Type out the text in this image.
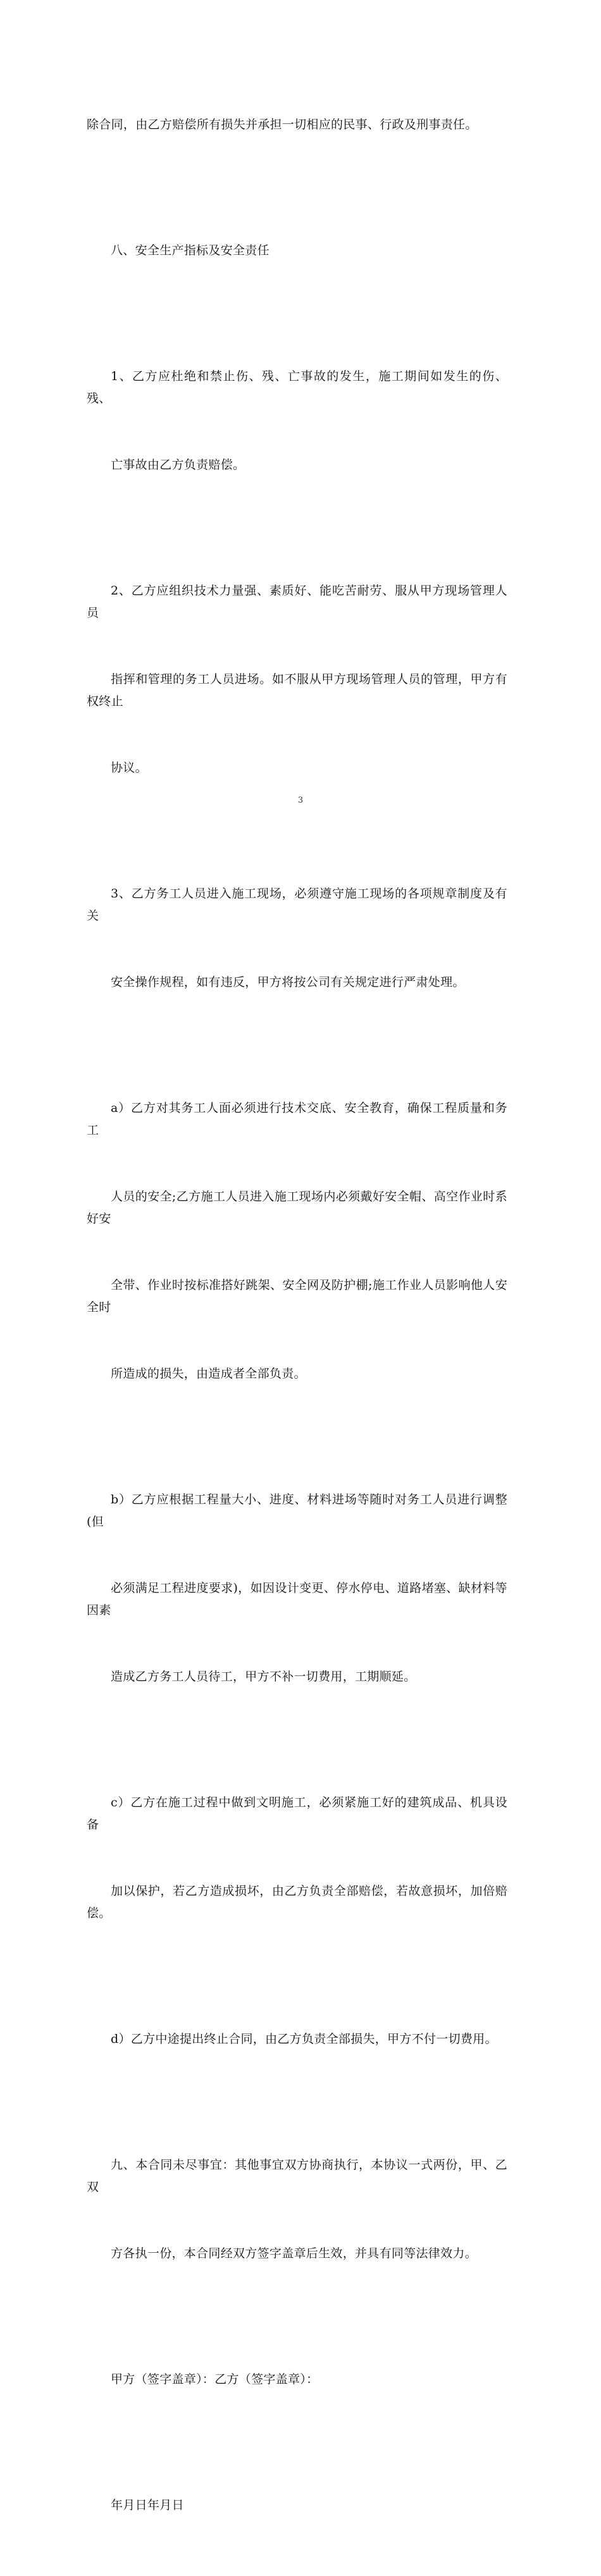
除合同，由乙方赔偿所有损失并承担一切相应的民事、行政及刑事责任。

八、安全生产指标及安全责任

1、乙方应杜绝和禁止伤、残、亡事故的发生，施工期间如发生的伤、残、

亡事故由乙方负责赔偿。

2、乙方应组织技术力量强、素质好、能吃苦耐劳、服从甲方现场管理人员

指挥和管理的务工人员进场。如不服从甲方现场管理人员的管理，甲方有权终止

协议。

3、乙方务工人员进入施工现场，必须遵守施工现场的各项规章制度及有关

安全操作规程，如有违反，甲方将按公司有关规定进行严肃处理。

a）乙方对其务工人面必须进行技术交底、安全教育，确保工程质量和务工

人员的安全;乙方施工人员进入施工现场内必须戴好安全帽、高空作业时系好安

全带、作业时按标准搭好跳架、安全网及防护棚;施工作业人员影响他人安全时

所造成的损失，由造成者全部负责。

b）乙方应根据工程量大小、进度、材料进场等随时对务工人员进行调整(但

必须满足工程进度要求)，如因设计变更、停水停电、道路堵塞、缺材料等因素

造成乙方务工人员待工，甲方不补一切费用，工期顺延。

c）乙方在施工过程中做到文明施工，必须紧施工好的建筑成品、机具设备

加以保护，若乙方造成损坏，由乙方负责全部赔偿，若故意损坏，加倍赔偿。

d）乙方中途提出终止合同，由乙方负责全部损失，甲方不付一切费用。

九、本合同未尽事宜：其他事宜双方协商执行，本协议一式两份，甲、乙双

方各执一份，本合同经双方签字盖章后生效，并具有同等法律效力。

甲方（签字盖章）：乙方（签字盖章）：

年月日年月日

3
